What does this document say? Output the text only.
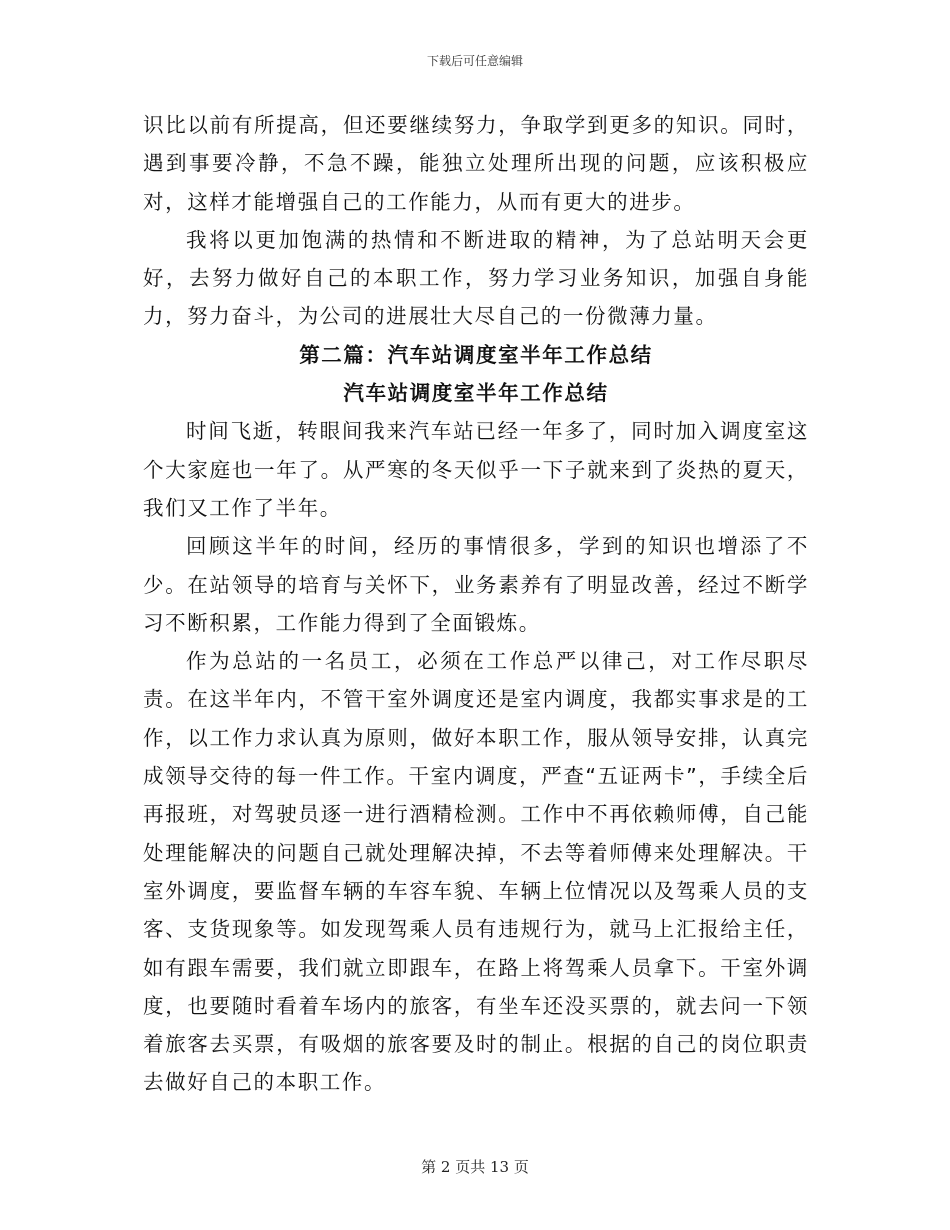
下载后可任意编辑

识比以前有所提高，但还要继续努力，争取学到更多的知识。同时，遇到事要冷静，不急不躁，能独立处理所出现的问题，应该积极应对，这样才能增强自己的工作能力，从而有更大的进步。

我将以更加饱满的热情和不断进取的精神，为了总站明天会更好，去努力做好自己的本职工作，努力学习业务知识，加强自身能力，努力奋斗，为公司的进展壮大尽自己的一份微薄力量。

第二篇：汽车站调度室半年工作总结
汽车站调度室半年工作总结

时间飞逝，转眼间我来汽车站已经一年多了，同时加入调度室这个大家庭也一年了。从严寒的冬天似乎一下子就来到了炎热的夏天，我们又工作了半年。

回顾这半年的时间，经历的事情很多，学到的知识也增添了不少。在站领导的培育与关怀下，业务素养有了明显改善，经过不断学习不断积累，工作能力得到了全面锻炼。

作为总站的一名员工，必须在工作总严以律己，对工作尽职尽责。在这半年内，不管干室外调度还是室内调度，我都实事求是的工作，以工作力求认真为原则，做好本职工作，服从领导安排，认真完成领导交待的每一件工作。干室内调度，严查“五证两卡”，手续全后再报班，对驾驶员逐一进行酒精检测。工作中不再依赖师傅，自己能处理能解决的问题自己就处理解决掉，不去等着师傅来处理解决。干室外调度，要监督车辆的车容车貌、车辆上位情况以及驾乘人员的支客、支货现象等。如发现驾乘人员有违规行为，就马上汇报给主任，如有跟车需要，我们就立即跟车，在路上将驾乘人员拿下。干室外调度，也要随时看着车场内的旅客，有坐车还没买票的，就去问一下领着旅客去买票，有吸烟的旅客要及时的制止。根据的自己的岗位职责去做好自己的本职工作。

第 2 页共 13 页
